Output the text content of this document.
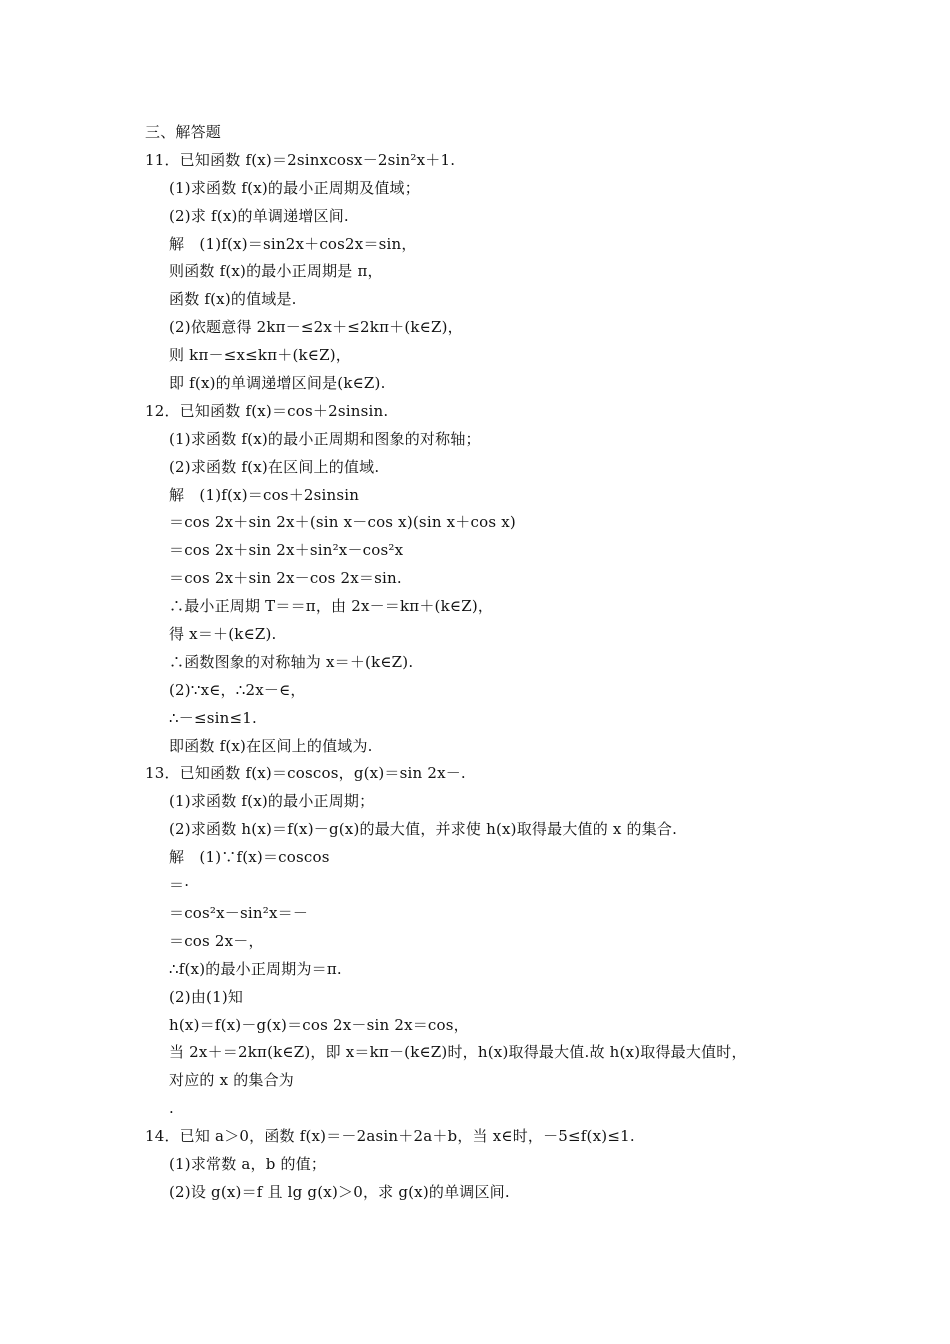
三、解答题
11．已知函数 f(x)＝2sinxcosx－2sin²x＋1.
(1)求函数 f(x)的最小正周期及值域；
(2)求 f(x)的单调递增区间.
解　(1)f(x)＝sin2x＋cos2x＝sin，
则函数 f(x)的最小正周期是 π，
函数 f(x)的值域是.
(2)依题意得 2kπ－≤2x＋≤2kπ＋(k∈Z)，
则 kπ－≤x≤kπ＋(k∈Z)，
即 f(x)的单调递增区间是(k∈Z).
12．已知函数 f(x)＝cos＋2sinsin.
(1)求函数 f(x)的最小正周期和图象的对称轴；
(2)求函数 f(x)在区间上的值域.
解　(1)f(x)＝cos＋2sinsin
＝cos 2x＋sin 2x＋(sin x－cos x)(sin x＋cos x)
＝cos 2x＋sin 2x＋sin²x－cos²x
＝cos 2x＋sin 2x－cos 2x＝sin.
∴最小正周期 T＝＝π，由 2x－＝kπ＋(k∈Z)，
得 x＝＋(k∈Z).
∴函数图象的对称轴为 x＝＋(k∈Z).
(2)∵x∈，∴2x－∈，
∴－≤sin≤1.
即函数 f(x)在区间上的值域为.
13．已知函数 f(x)＝coscos，g(x)＝sin 2x－.
(1)求函数 f(x)的最小正周期；
(2)求函数 h(x)＝f(x)－g(x)的最大值，并求使 h(x)取得最大值的 x 的集合.
解　(1)∵f(x)＝coscos
＝·
＝cos²x－sin²x＝－
＝cos 2x－，
∴f(x)的最小正周期为＝π.
(2)由(1)知
h(x)＝f(x)－g(x)＝cos 2x－sin 2x＝cos，
当 2x＋＝2kπ(k∈Z)，即 x＝kπ－(k∈Z)时，h(x)取得最大值.故 h(x)取得最大值时，
对应的 x 的集合为
.
14．已知 a＞0，函数 f(x)＝－2asin＋2a＋b，当 x∈时，－5≤f(x)≤1.
(1)求常数 a，b 的值；
(2)设 g(x)＝f 且 lg g(x)＞0，求 g(x)的单调区间.
